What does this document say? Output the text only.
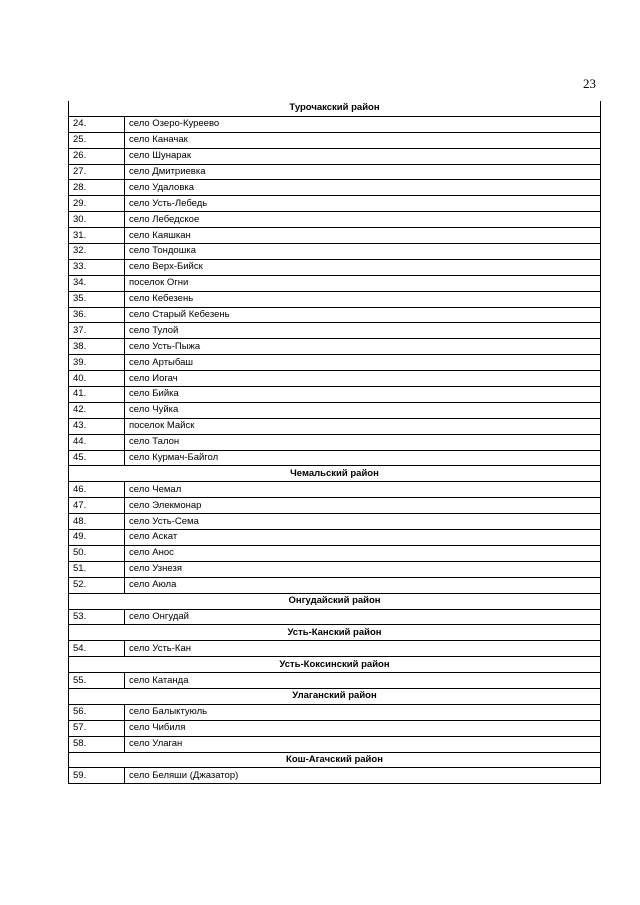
23
Турочакский район	
24.	село Озеро-Куреево
25.	село Каначак
26.	село Шунарак
27.	село Дмитриевка
28.	село Удаловка
29.	село Усть-Лебедь
30.	село Лебедское
31.	село Каяшкан
32.	село Тондошка
33.	село Верх-Бийск
34.	поселок Огни
35.	село Кебезень
36.	село Старый Кебезень
37.	село Тулой
38.	село Усть-Пыжа
39.	село Артыбаш
40.	село Иогач
41.	село Бийка
42.	село Чуйка
43.	поселок Майск
44.	село Талон
45.	село Курмач-Байгол
Чемальский район	
46.	село Чемал
47.	село Элекмонар
48.	село Усть-Сема
49.	село Аскат
50.	село Анос
51.	село Узнезя
52.	село Аюла
Онгудайский район	
53.	село Онгудай
Усть-Канский район	
54.	село Усть-Кан
Усть-Коксинский район	
55.	село Катанда
Улаганский район	
56.	село Балыктуюль
57.	село Чибиля
58.	село Улаган
Кош-Агачский район	
59.	село Беляши (Джазатор)
